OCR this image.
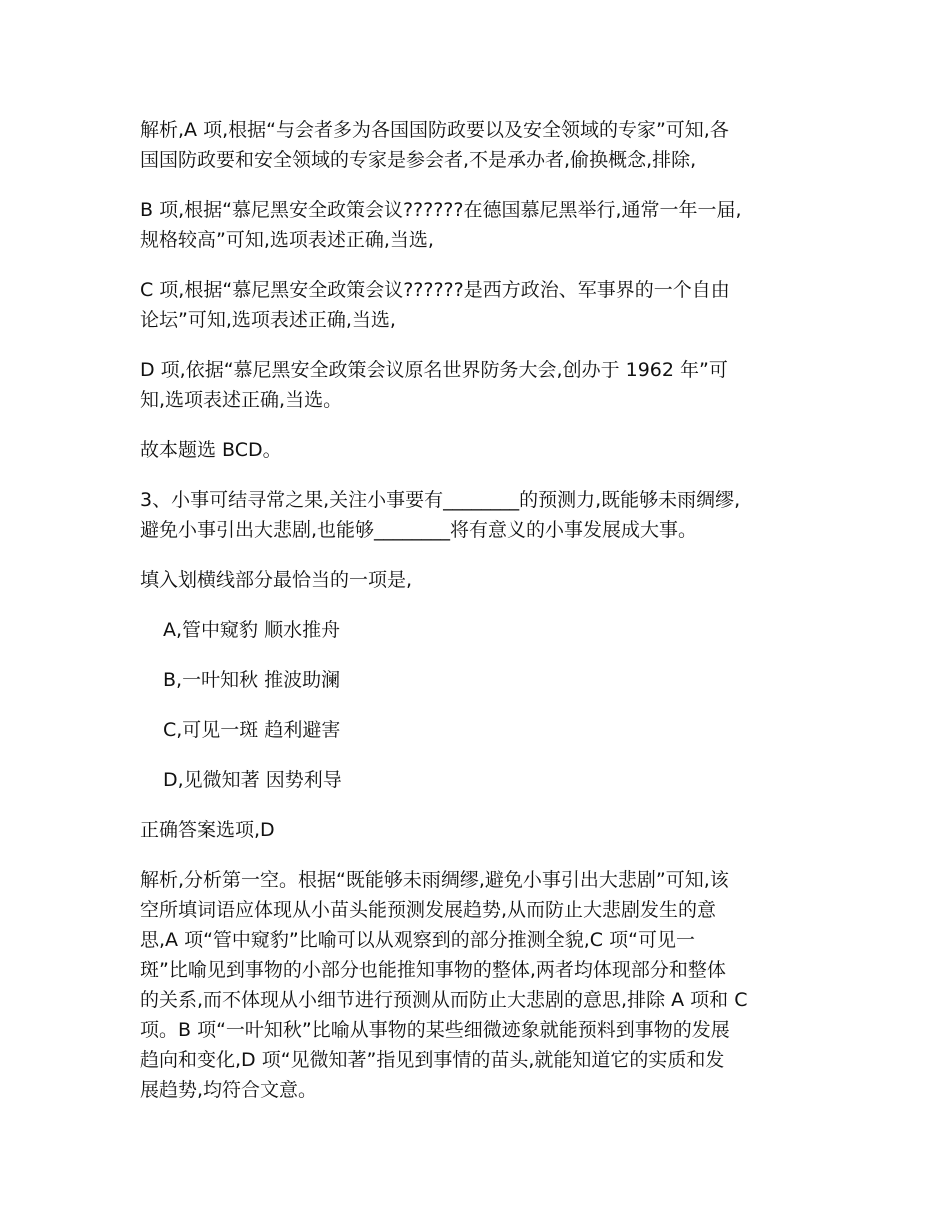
解析,A 项,根据“与会者多为各国国防政要以及安全领域的专家”可知,各
国国防政要和安全领域的专家是参会者,不是承办者,偷换概念,排除,

B 项,根据“慕尼黑安全政策会议??????在德国慕尼黑举行,通常一年一届,
规格较高”可知,选项表述正确,当选,

C 项,根据“慕尼黑安全政策会议??????是西方政治、军事界的一个自由
论坛”可知,选项表述正确,当选,

D 项,依据“慕尼黑安全政策会议原名世界防务大会,创办于 1962 年”可
知,选项表述正确,当选。

故本题选 BCD。

3、小事可结寻常之果,关注小事要有________的预测力,既能够未雨绸缪,
避免小事引出大悲剧,也能够________将有意义的小事发展成大事。

填入划横线部分最恰当的一项是,

A,管中窥豹 顺水推舟
B,一叶知秋 推波助澜
C,可见一斑 趋利避害
D,见微知著 因势利导

正确答案选项,D

解析,分析第一空。根据“既能够未雨绸缪,避免小事引出大悲剧”可知,该
空所填词语应体现从小苗头能预测发展趋势,从而防止大悲剧发生的意
思,A 项“管中窥豹”比喻可以从观察到的部分推测全貌,C 项“可见一
斑”比喻见到事物的小部分也能推知事物的整体,两者均体现部分和整体
的关系,而不体现从小细节进行预测从而防止大悲剧的意思,排除 A 项和 C
项。B 项“一叶知秋”比喻从事物的某些细微迹象就能预料到事物的发展
趋向和变化,D 项“见微知著”指见到事情的苗头,就能知道它的实质和发
展趋势,均符合文意。
